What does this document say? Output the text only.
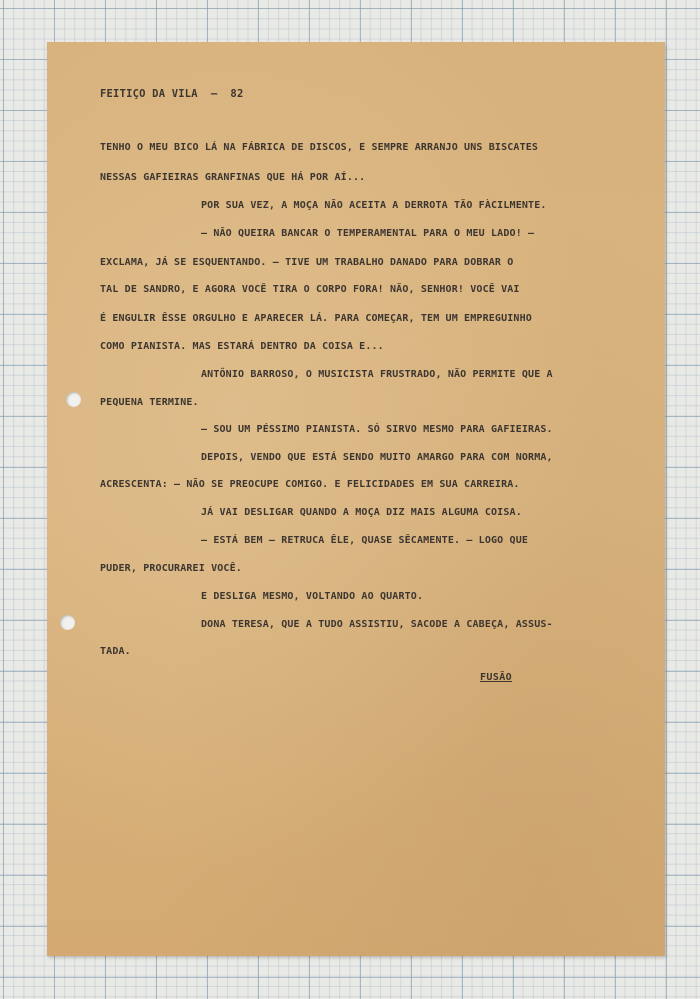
FEITIÇO DA VILA  —  82
TENHO O MEU BICO LÁ NA FÁBRICA DE DISCOS, E SEMPRE ARRANJO UNS BISCATES
NESSAS GAFIEIRAS GRANFINAS QUE HÁ POR AÍ...
POR SUA VEZ, A MOÇA NÃO ACEITA A DERROTA TÃO FÀCILMENTE.
— NÃO QUEIRA BANCAR O TEMPERAMENTAL PARA O MEU LADO! —
EXCLAMA, JÁ SE ESQUENTANDO. — TIVE UM TRABALHO DANADO PARA DOBRAR O
TAL DE SANDRO, E AGORA VOCÊ TIRA O CORPO FORA! NÃO, SENHOR! VOCÊ VAI
É ENGULIR ÊSSE ORGULHO E APARECER LÁ. PARA COMEÇAR, TEM UM EMPREGUINHO
COMO PIANISTA. MAS ESTARÁ DENTRO DA COISA E...
ANTÔNIO BARROSO, O MUSICISTA FRUSTRADO, NÃO PERMITE QUE A
PEQUENA TERMINE.
— SOU UM PÉSSIMO PIANISTA. SÓ SIRVO MESMO PARA GAFIEIRAS.
DEPOIS, VENDO QUE ESTÁ SENDO MUITO AMARGO PARA COM NORMA,
ACRESCENTA: — NÃO SE PREOCUPE COMIGO. E FELICIDADES EM SUA CARREIRA.
JÁ VAI DESLIGAR QUANDO A MOÇA DIZ MAIS ALGUMA COISA.
— ESTÁ BEM — RETRUCA ÊLE, QUASE SÊCAMENTE. — LOGO QUE
PUDER, PROCURAREI VOCÊ.
E DESLIGA MESMO, VOLTANDO AO QUARTO.
DONA TERESA, QUE A TUDO ASSISTIU, SACODE A CABEÇA, ASSUS-
TADA.
FUSÃO
